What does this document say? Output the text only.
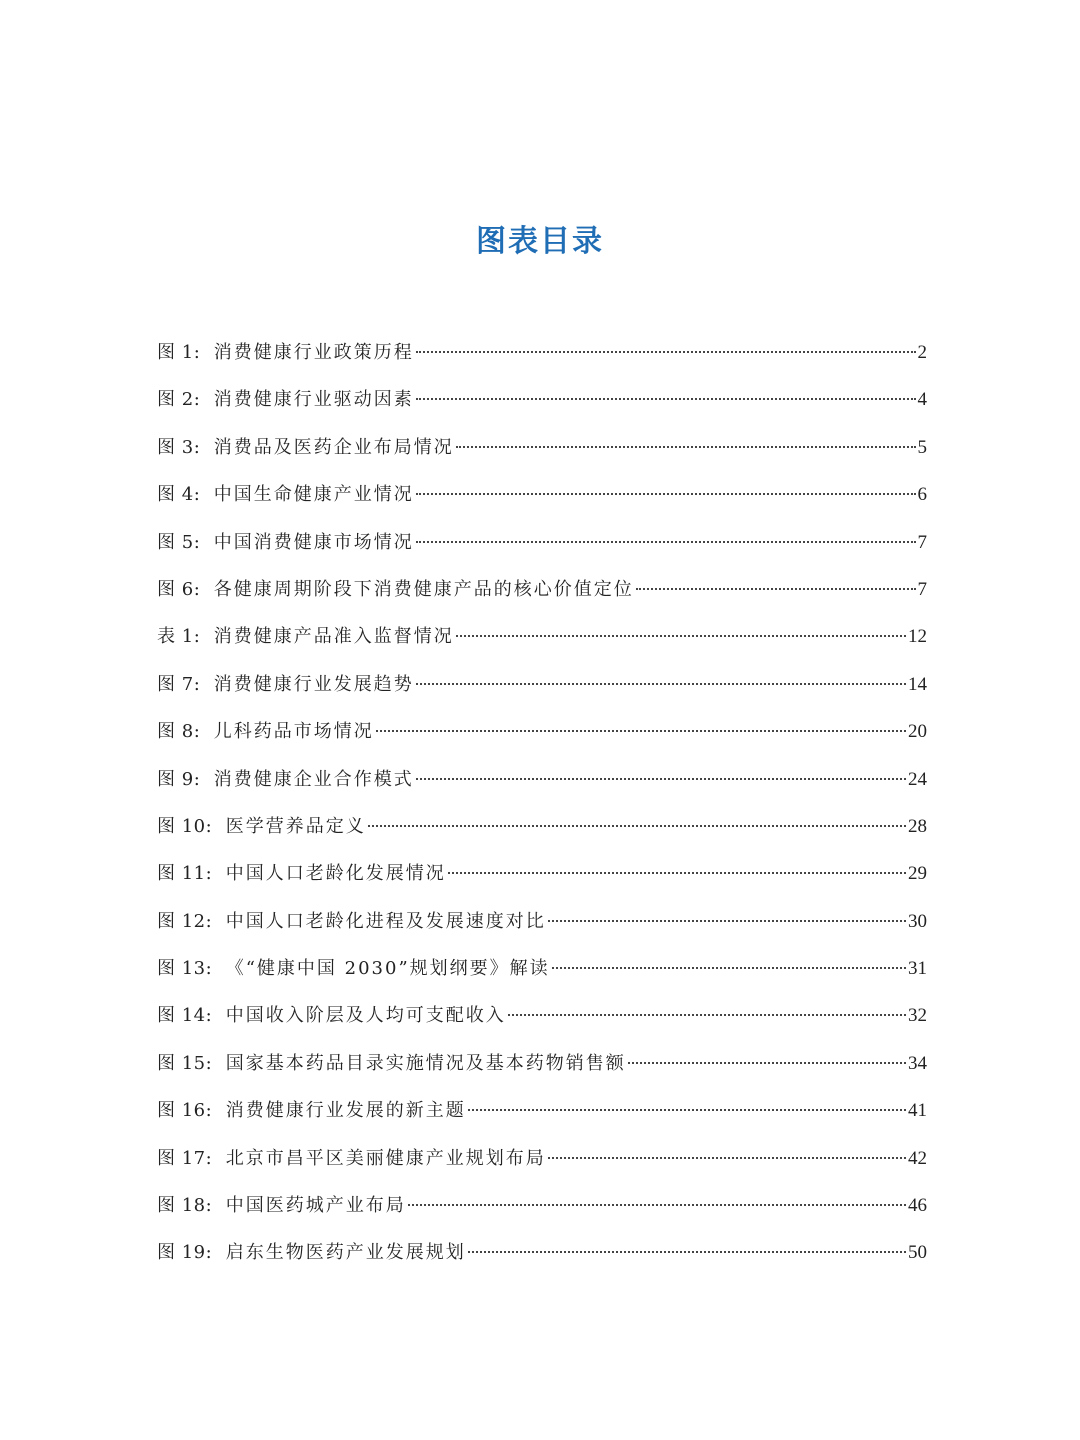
图表目录
图 1 : 消费健康行业政策历程	2
图 2 : 消费健康行业驱动因素	4
图 3 : 消费品及医药企业布局情况	5
图 4 : 中国生命健康产业情况	6
图 5 : 中国消费健康市场情况	7
图 6 : 各健康周期阶段下消费健康产品的核心价值定位	7
表 1 : 消费健康产品准入监督情况	12
图 7 : 消费健康行业发展趋势	14
图 8 : 儿科药品市场情况	20
图 9 : 消费健康企业合作模式	24
图 10 : 医学营养品定义	28
图 11 : 中国人口老龄化发展情况	29
图 12 : 中国人口老龄化进程及发展速度对比	30
图 13 : 《“健康中国 2030”规划纲要》解读	31
图 14 : 中国收入阶层及人均可支配收入	32
图 15 : 国家基本药品目录实施情况及基本药物销售额	34
图 16 : 消费健康行业发展的新主题	41
图 17 : 北京市昌平区美丽健康产业规划布局	42
图 18 : 中国医药城产业布局	46
图 19 : 启东生物医药产业发展规划	50
